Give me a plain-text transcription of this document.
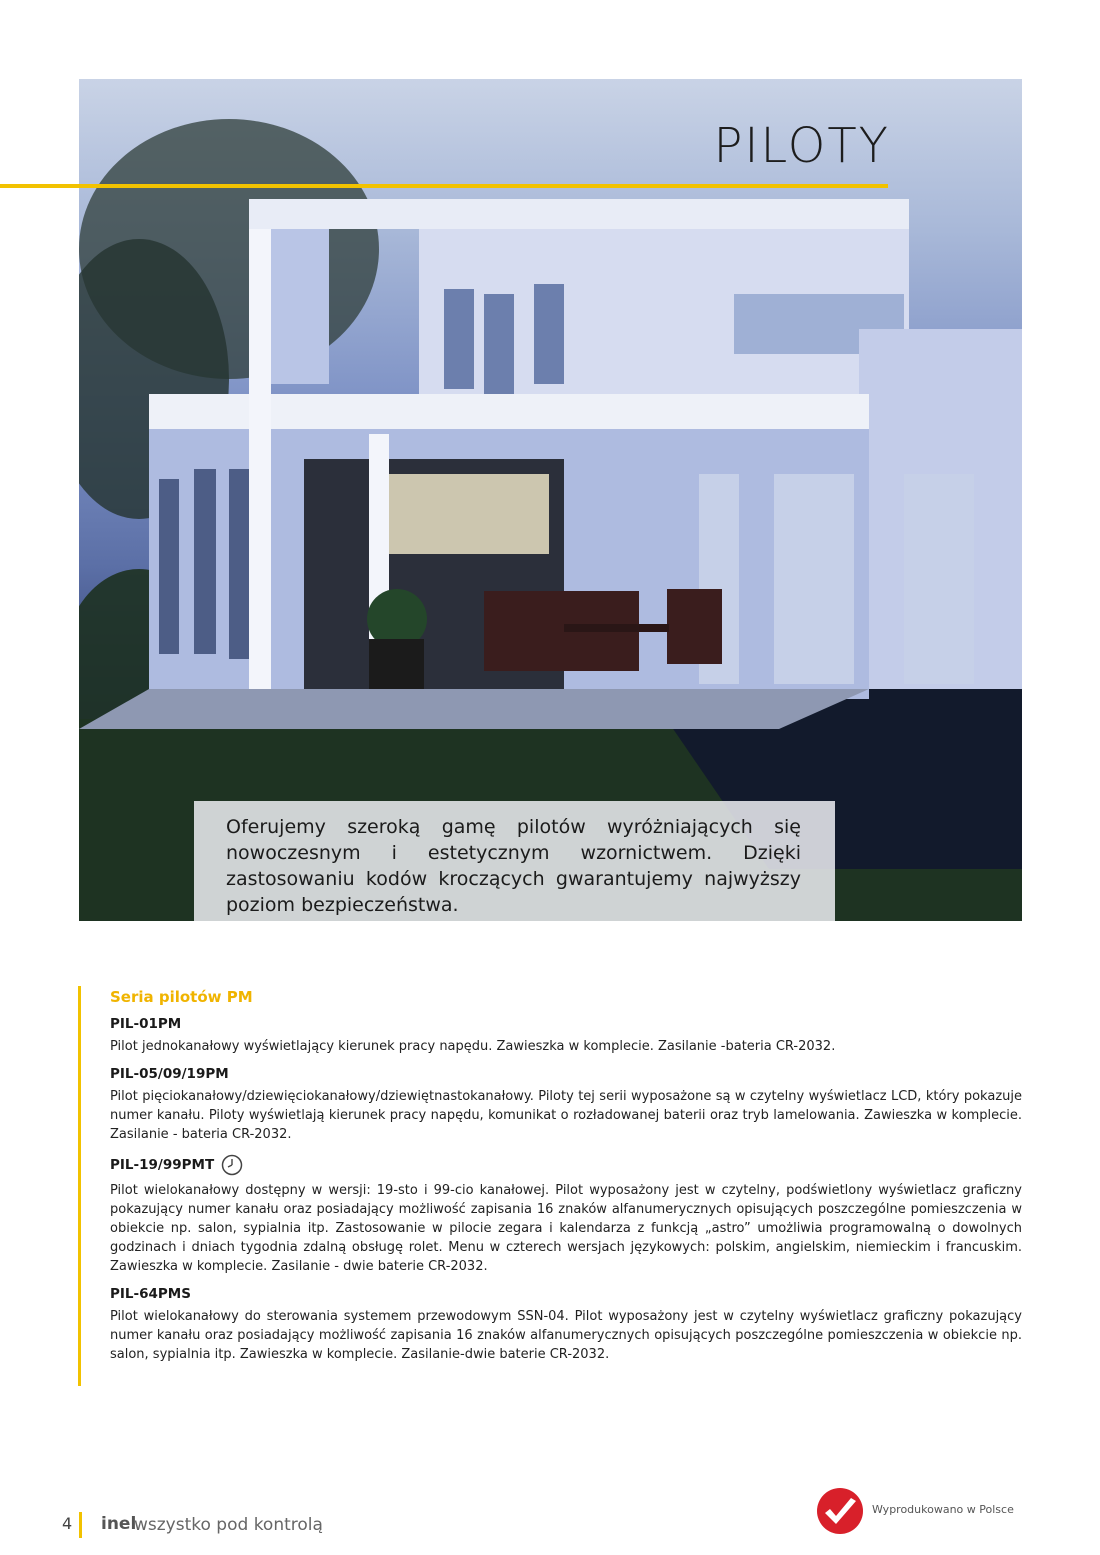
Oferujemy szeroką gamę pilotów wyróżniających się nowoczesnym i estetycznym wzornictwem. Dzięki zastosowaniu kodów kroczących gwarantujemy najwyższy poziom bezpieczeństwa.

PILOTY
Seria pilotów PM
PIL-01PM

Pilot jednokanałowy wyświetlający kierunek pracy napędu. Zawieszka w komplecie. Zasilanie -bateria CR-2032.

PIL-05/09/19PM

Pilot pięciokanałowy/dziewięciokanałowy/dziewiętnastokanałowy. Piloty tej serii wyposażone są w czytelny wyświetlacz LCD, który pokazuje numer kanału. Piloty wyświetlają kierunek pracy napędu, komunikat o rozładowanej baterii oraz tryb lamelowania. Zawieszka w komplecie. Zasilanie - bateria CR-2032.

PIL-19/99PMT

Pilot wielokanałowy dostępny w wersji: 19-sto i 99-cio kanałowej. Pilot wyposażony jest w czytelny, podświetlony wyświetlacz graficzny pokazujący numer kanału oraz posiadający możliwość zapisania 16 znaków alfanumerycznych opisujących poszczególne pomieszczenia w obiekcie np. salon, sypialnia itp. Zastosowanie w pilocie zegara i kalendarza z funkcją „astro” umożliwia programowalną o dowolnych godzinach i dniach tygodnia zdalną obsługę rolet. Menu w czterech wersjach językowych: polskim, angielskim, niemieckim i francuskim. Zawieszka w komplecie. Zasilanie - dwie baterie CR-2032.

PIL-64PMS

Pilot wielokanałowy do sterowania systemem przewodowym SSN-04. Pilot wyposażony jest w czytelny wyświetlacz graficzny pokazujący numer kanału oraz posiadający możliwość zapisania 16 znaków alfanumerycznych opisujących poszczególne pomieszczenia w obiekcie np. salon, sypialnia itp. Zawieszka w komplecie. Zasilanie-dwie baterie CR-2032.

4 inel
wszystko pod kontrolą
Wyprodukowano w Polsce
